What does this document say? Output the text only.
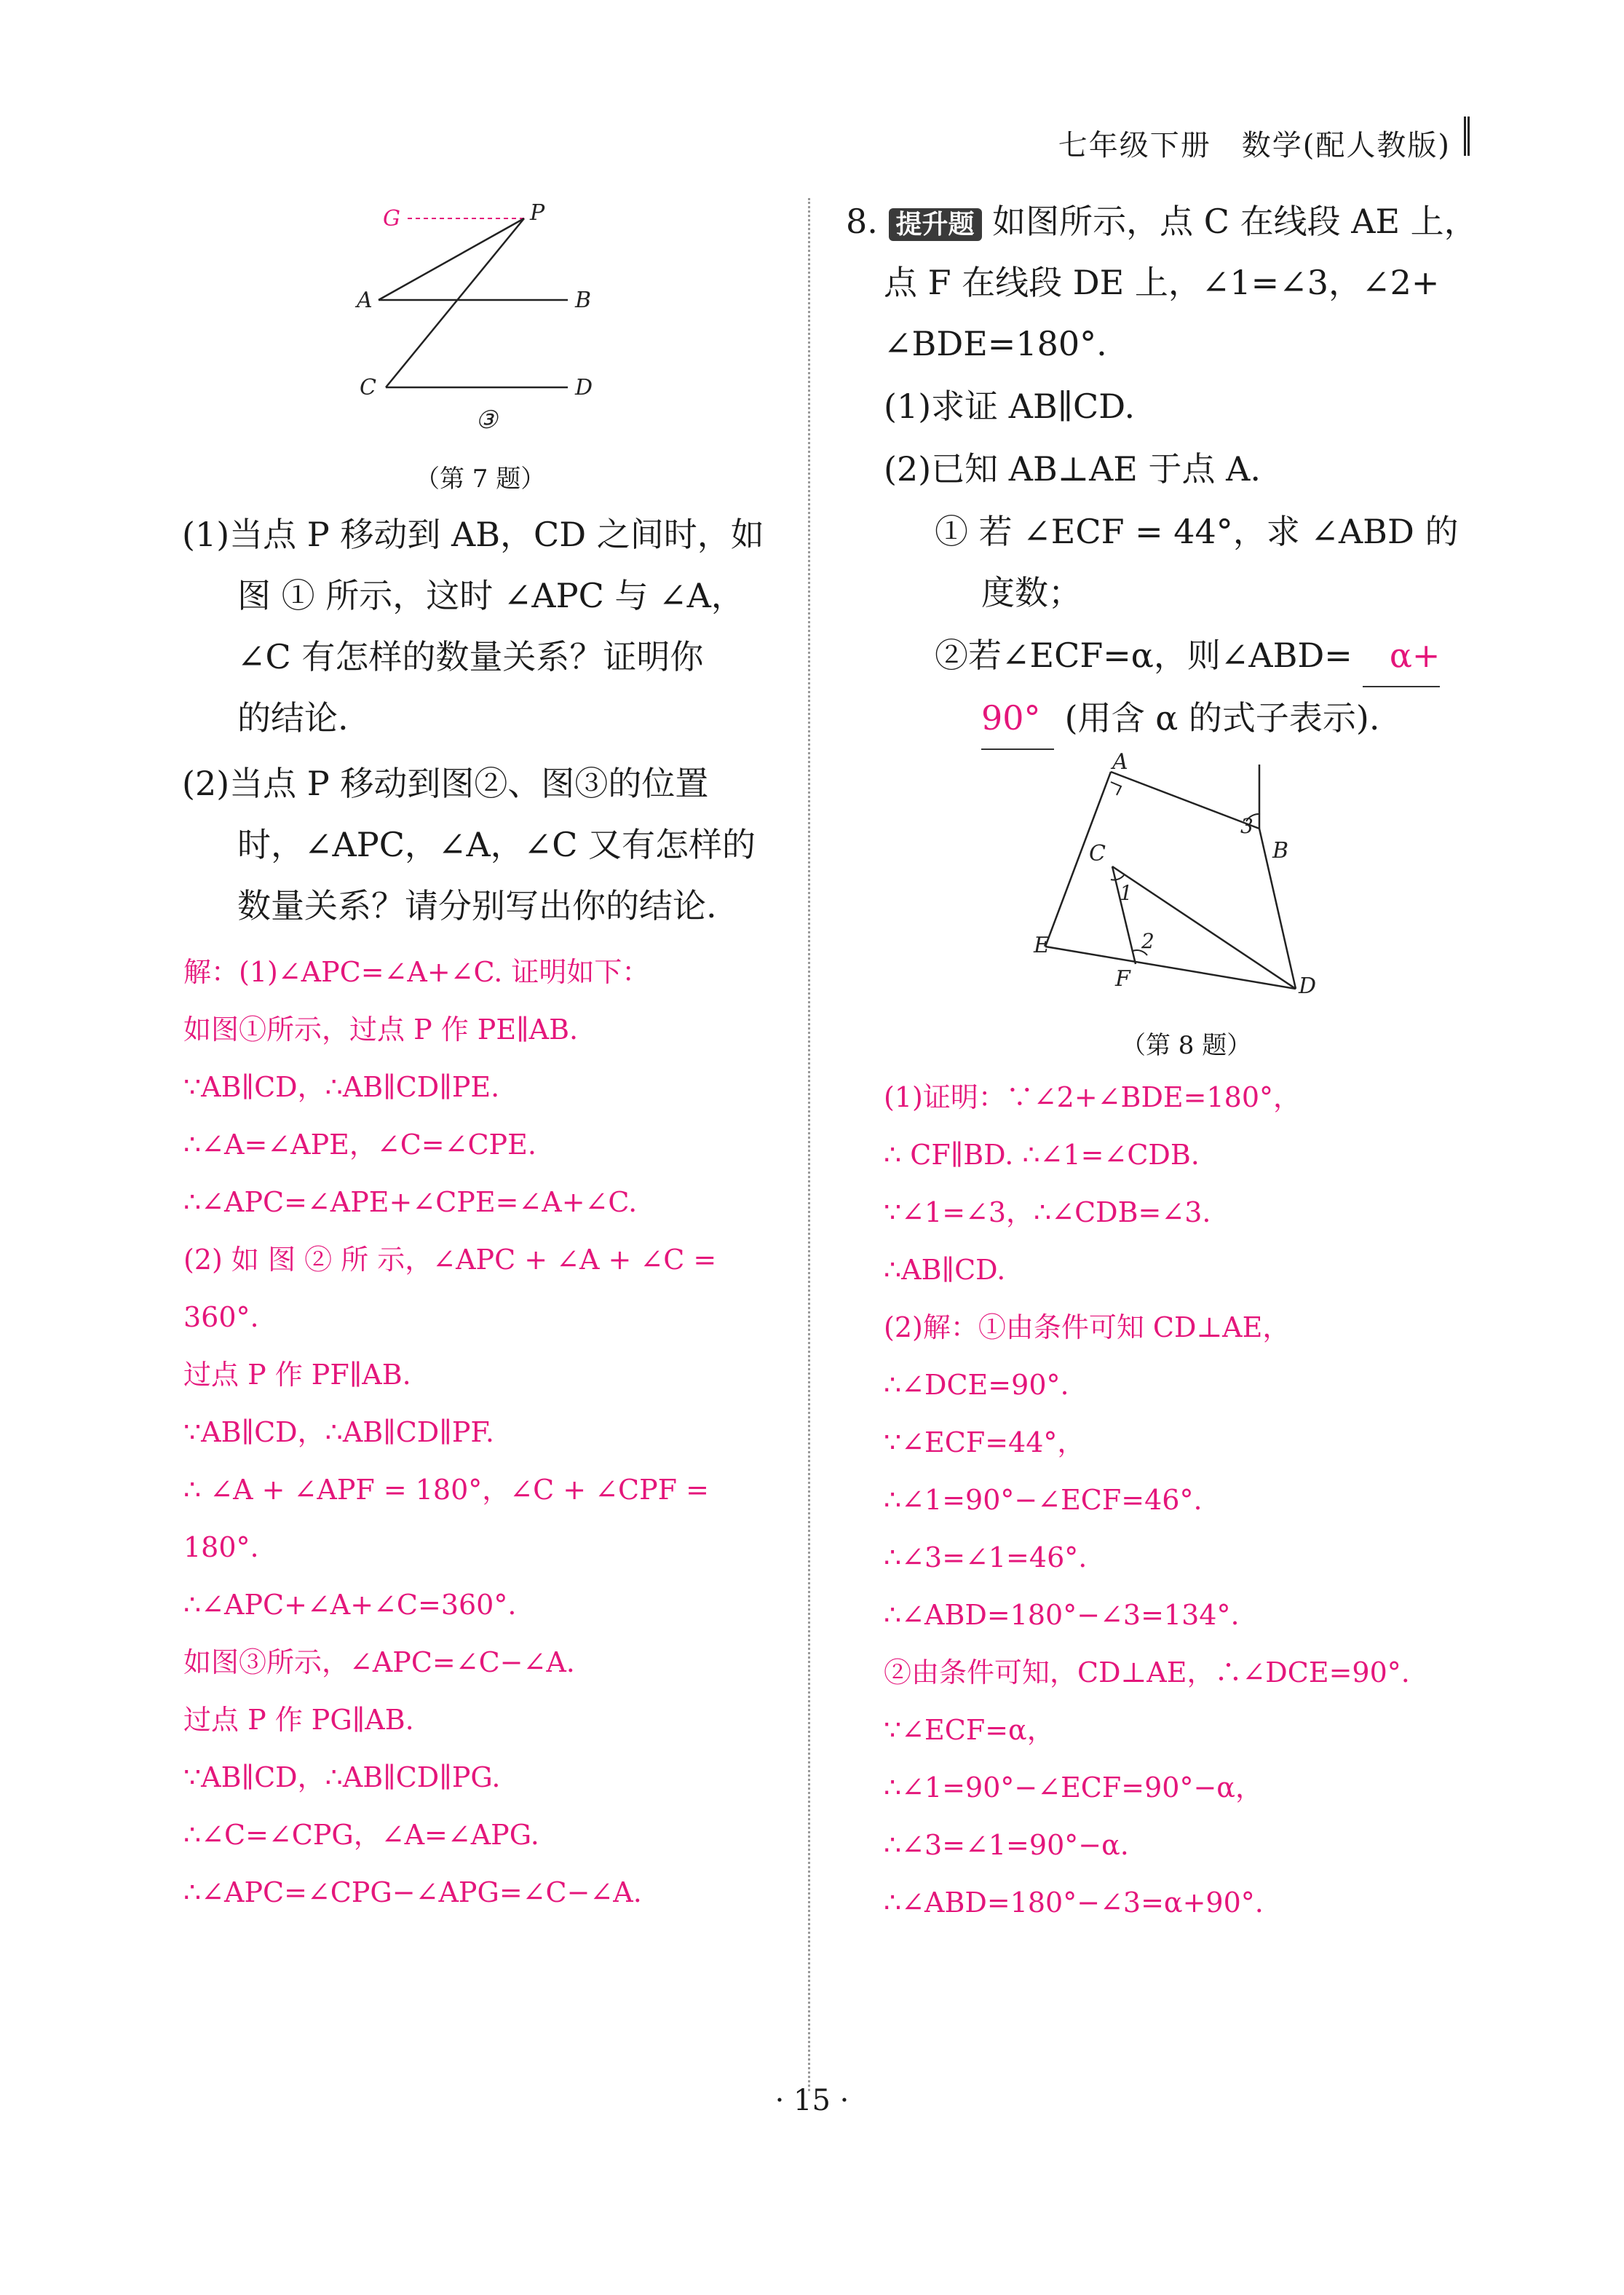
七年级下册　数学(配人教版)
G	P
A	B
C	D
③
（第 7 题）
(1)当点 P 移动到 AB，CD 之间时，如
图 ① 所示，这时 ∠APC 与 ∠A，
∠C 有怎样的数量关系？证明你
的结论.
(2)当点 P 移动到图②、图③的位置
时，∠APC，∠A，∠C 又有怎样的
数量关系？请分别写出你的结论.
解：(1)∠APC=∠A+∠C. 证明如下：
如图①所示，过点 P 作 PE∥AB.
∵AB∥CD，∴AB∥CD∥PE.
∴∠A=∠APE，∠C=∠CPE.
∴∠APC=∠APE+∠CPE=∠A+∠C.
(2) 如 图 ② 所 示，∠APC + ∠A + ∠C =
360°.
过点 P 作 PF∥AB.
∵AB∥CD，∴AB∥CD∥PF.
∴ ∠A + ∠APF = 180°，∠C + ∠CPF =
180°.
∴∠APC+∠A+∠C=360°.
如图③所示，∠APC=∠C−∠A.
过点 P 作 PG∥AB.
∵AB∥CD，∴AB∥CD∥PG.
∴∠C=∠CPG，∠A=∠APG.
∴∠APC=∠CPG−∠APG=∠C−∠A.
8. 提升题 如图所示，点 C 在线段 AE 上，
点 F 在线段 DE 上，∠1=∠3，∠2+
∠BDE=180°.
(1)求证 AB∥CD.
(2)已知 AB⊥AE 于点 A.
① 若 ∠ECF = 44°，求 ∠ABD 的
度数；
②若∠ECF=α，则∠ABD= α+
90° (用含 α 的式子表示).
A
B
C
D
E
F
1
2
3
（第 8 题）
(1)证明：∵∠2+∠BDE=180°，
∴ CF∥BD. ∴∠1=∠CDB.
∵∠1=∠3，∴∠CDB=∠3.
∴AB∥CD.
(2)解：①由条件可知 CD⊥AE，
∴∠DCE=90°.
∵∠ECF=44°，
∴∠1=90°−∠ECF=46°.
∴∠3=∠1=46°.
∴∠ABD=180°−∠3=134°.
②由条件可知，CD⊥AE，∴∠DCE=90°.
∵∠ECF=α，
∴∠1=90°−∠ECF=90°−α，
∴∠3=∠1=90°−α.
∴∠ABD=180°−∠3=α+90°.
· 15 ·
